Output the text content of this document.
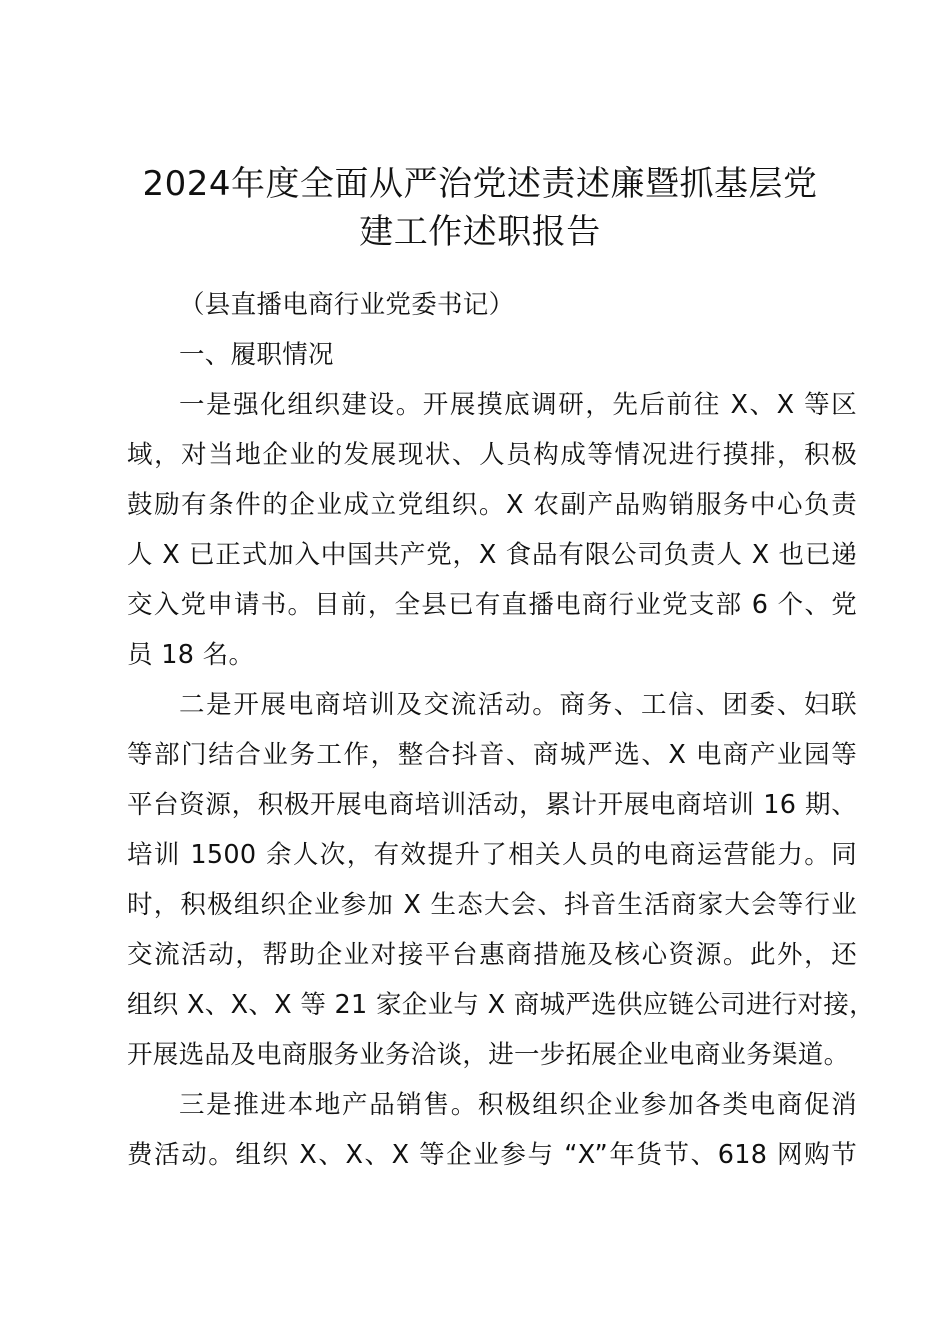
2024年度全面从严治党述责述廉暨抓基层党
建工作述职报告
（县直播电商行业党委书记）
一、履职情况
一是强化组织建设。开展摸底调研，先后前往 X、X 等区
域，对当地企业的发展现状、人员构成等情况进行摸排，积极
鼓励有条件的企业成立党组织。X 农副产品购销服务中心负责
人 X 已正式加入中国共产党，X 食品有限公司负责人 X 也已递
交入党申请书。目前，全县已有直播电商行业党支部 6 个、党
员 18 名。
二是开展电商培训及交流活动。商务、工信、团委、妇联
等部门结合业务工作，整合抖音、商城严选、X 电商产业园等
平台资源，积极开展电商培训活动，累计开展电商培训 16 期、
培训 1500 余人次，有效提升了相关人员的电商运营能力。同
时，积极组织企业参加 X 生态大会、抖音生活商家大会等行业
交流活动，帮助企业对接平台惠商措施及核心资源。此外，还
组织 X、X、X 等 21 家企业与 X 商城严选供应链公司进行对接，
开展选品及电商服务业务洽谈，进一步拓展企业电商业务渠道。
三是推进本地产品销售。积极组织企业参加各类电商促消
费活动。组织 X、X、X 等企业参与 “X”年货节、618 网购节
